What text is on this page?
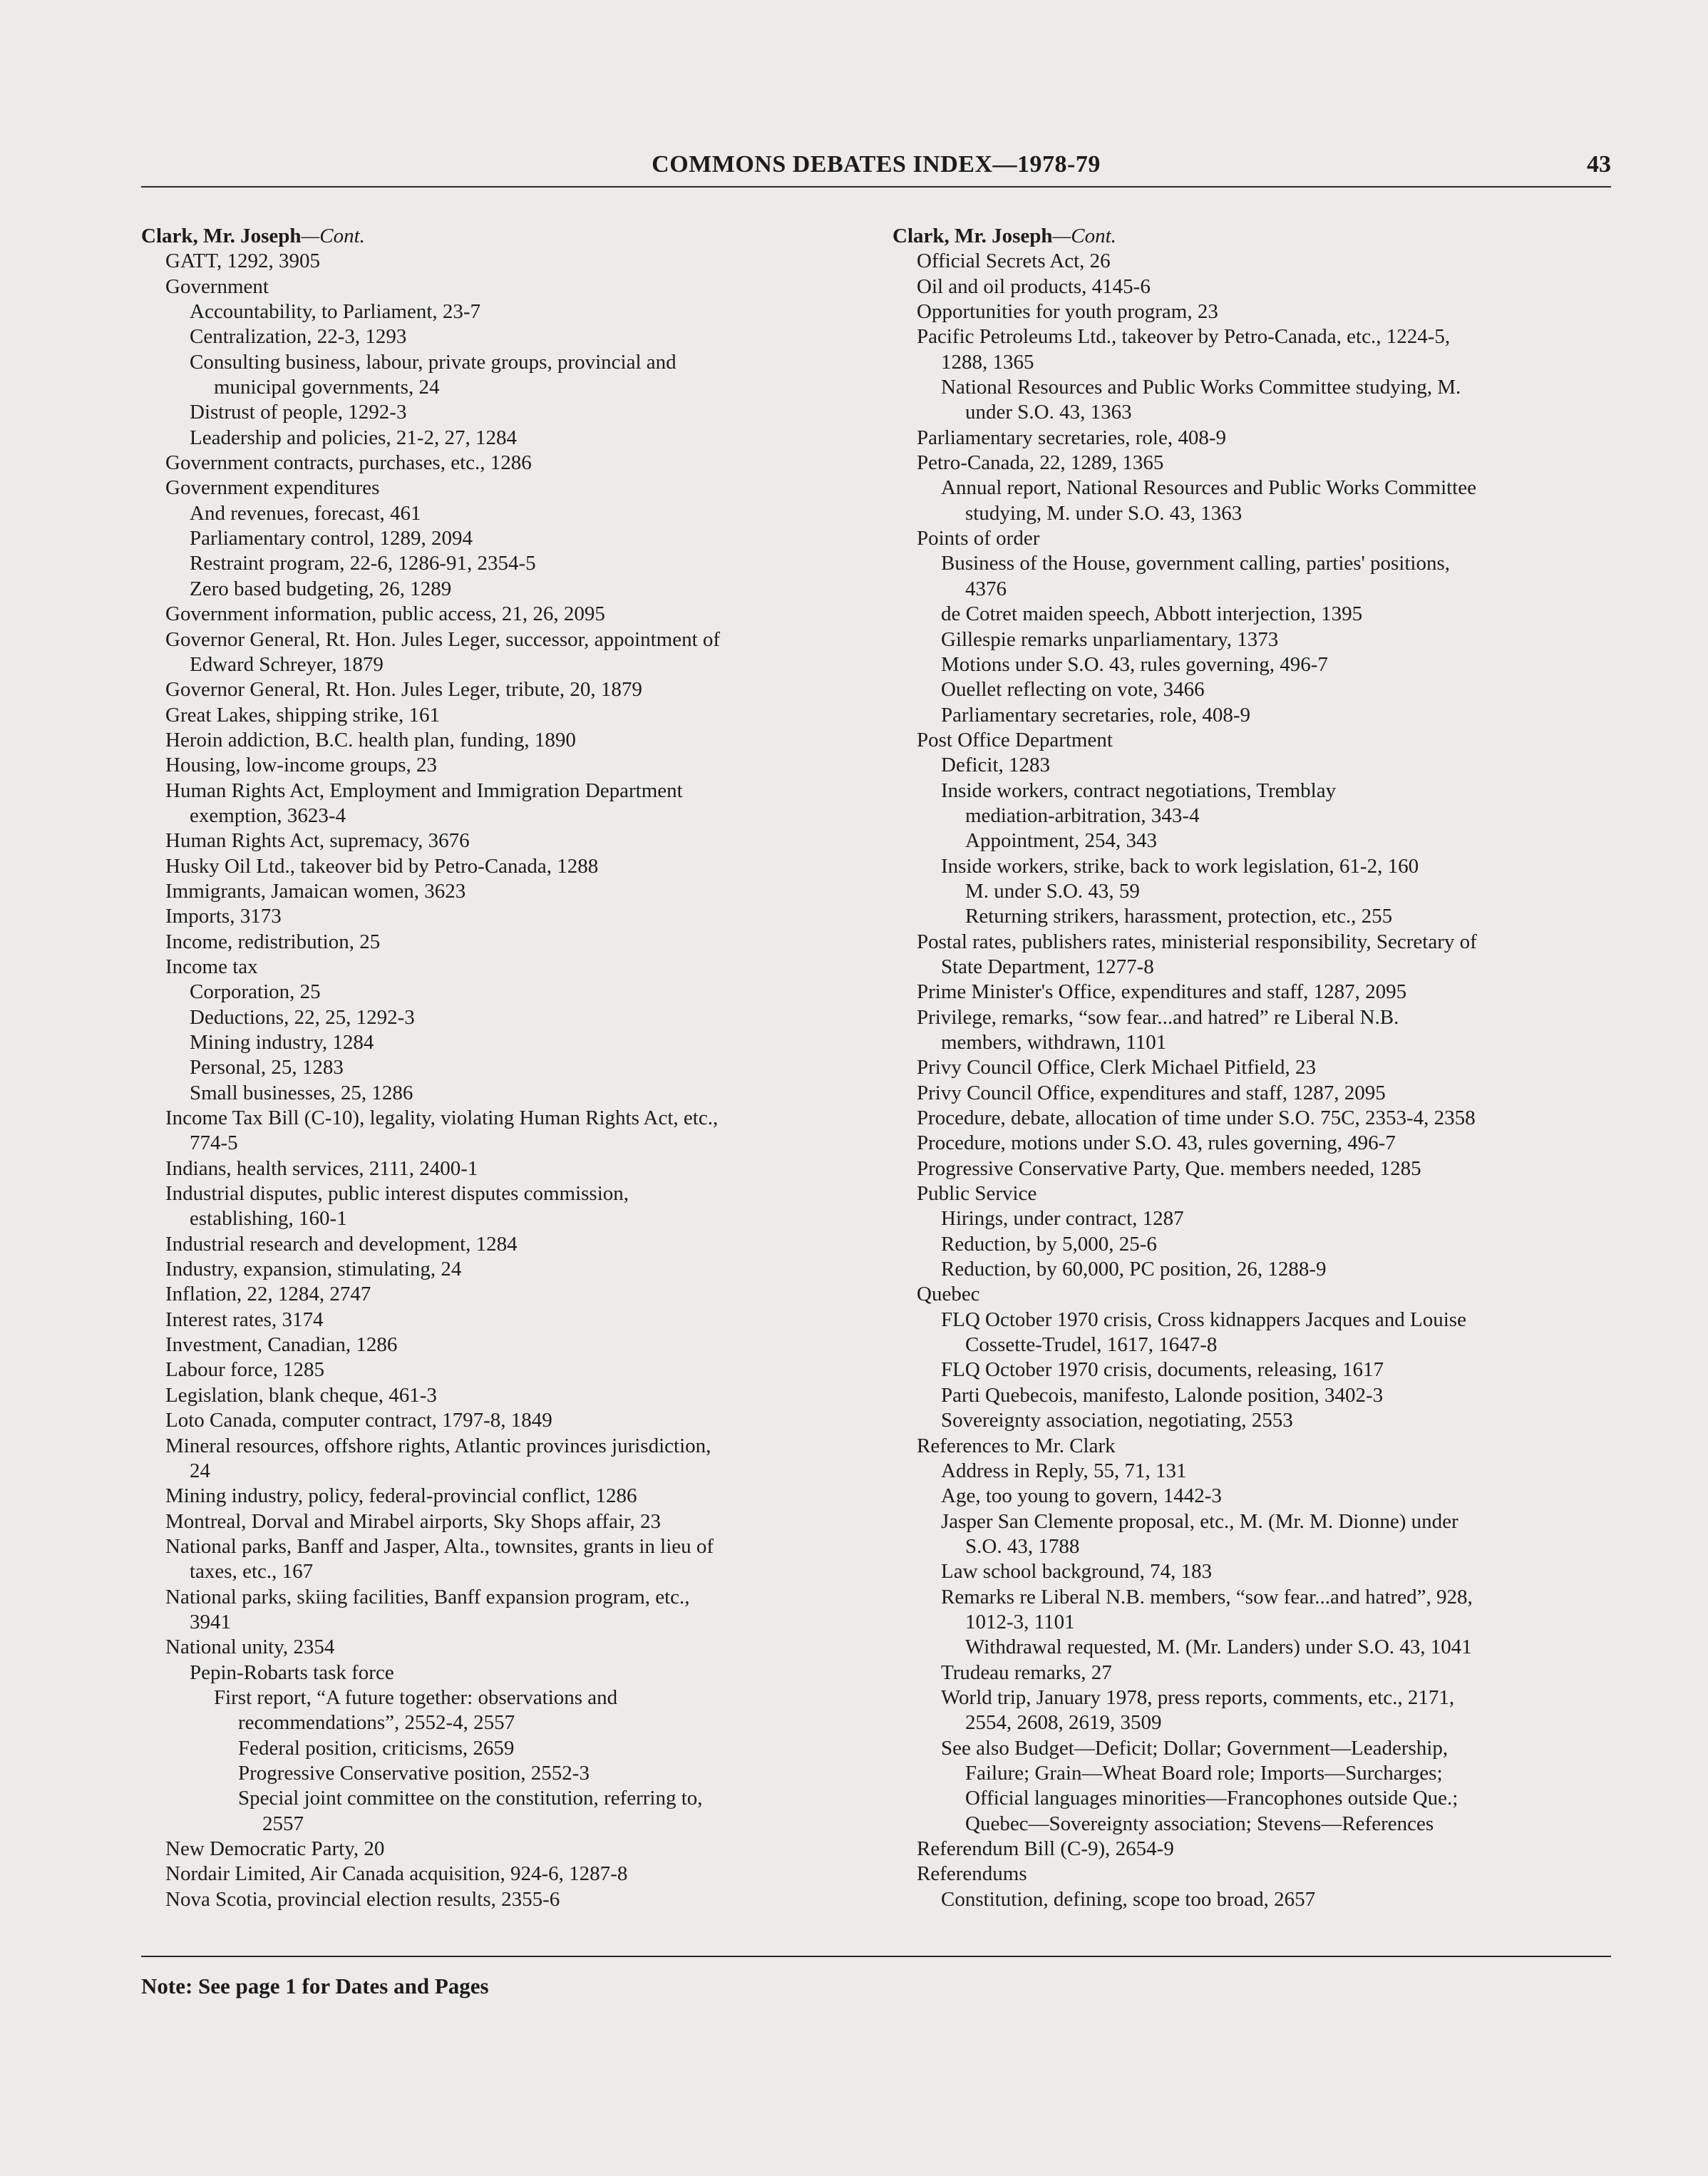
COMMONS DEBATES INDEX—1978-79	43
Clark, Mr. Joseph—Cont.
GATT, 1292, 3905
Government
Accountability, to Parliament, 23-7
Centralization, 22-3, 1293
Consulting business, labour, private groups, provincial and
municipal governments, 24
Distrust of people, 1292-3
Leadership and policies, 21-2, 27, 1284
Government contracts, purchases, etc., 1286
Government expenditures
And revenues, forecast, 461
Parliamentary control, 1289, 2094
Restraint program, 22-6, 1286-91, 2354-5
Zero based budgeting, 26, 1289
Government information, public access, 21, 26, 2095
Governor General, Rt. Hon. Jules Leger, successor, appointment of
Edward Schreyer, 1879
Governor General, Rt. Hon. Jules Leger, tribute, 20, 1879
Great Lakes, shipping strike, 161
Heroin addiction, B.C. health plan, funding, 1890
Housing, low-income groups, 23
Human Rights Act, Employment and Immigration Department
exemption, 3623-4
Human Rights Act, supremacy, 3676
Husky Oil Ltd., takeover bid by Petro-Canada, 1288
Immigrants, Jamaican women, 3623
Imports, 3173
Income, redistribution, 25
Income tax
Corporation, 25
Deductions, 22, 25, 1292-3
Mining industry, 1284
Personal, 25, 1283
Small businesses, 25, 1286
Income Tax Bill (C-10), legality, violating Human Rights Act, etc.,
774-5
Indians, health services, 2111, 2400-1
Industrial disputes, public interest disputes commission,
establishing, 160-1
Industrial research and development, 1284
Industry, expansion, stimulating, 24
Inflation, 22, 1284, 2747
Interest rates, 3174
Investment, Canadian, 1286
Labour force, 1285
Legislation, blank cheque, 461-3
Loto Canada, computer contract, 1797-8, 1849
Mineral resources, offshore rights, Atlantic provinces jurisdiction,
24
Mining industry, policy, federal-provincial conflict, 1286
Montreal, Dorval and Mirabel airports, Sky Shops affair, 23
National parks, Banff and Jasper, Alta., townsites, grants in lieu of
taxes, etc., 167
National parks, skiing facilities, Banff expansion program, etc.,
3941
National unity, 2354
Pepin-Robarts task force
First report, “A future together: observations and
recommendations”, 2552-4, 2557
Federal position, criticisms, 2659
Progressive Conservative position, 2552-3
Special joint committee on the constitution, referring to,
2557
New Democratic Party, 20
Nordair Limited, Air Canada acquisition, 924-6, 1287-8
Nova Scotia, provincial election results, 2355-6
Clark, Mr. Joseph—Cont.
Official Secrets Act, 26
Oil and oil products, 4145-6
Opportunities for youth program, 23
Pacific Petroleums Ltd., takeover by Petro-Canada, etc., 1224-5,
1288, 1365
National Resources and Public Works Committee studying, M.
under S.O. 43, 1363
Parliamentary secretaries, role, 408-9
Petro-Canada, 22, 1289, 1365
Annual report, National Resources and Public Works Committee
studying, M. under S.O. 43, 1363
Points of order
Business of the House, government calling, parties' positions,
4376
de Cotret maiden speech, Abbott interjection, 1395
Gillespie remarks unparliamentary, 1373
Motions under S.O. 43, rules governing, 496-7
Ouellet reflecting on vote, 3466
Parliamentary secretaries, role, 408-9
Post Office Department
Deficit, 1283
Inside workers, contract negotiations, Tremblay
mediation-arbitration, 343-4
Appointment, 254, 343
Inside workers, strike, back to work legislation, 61-2, 160
M. under S.O. 43, 59
Returning strikers, harassment, protection, etc., 255
Postal rates, publishers rates, ministerial responsibility, Secretary of
State Department, 1277-8
Prime Minister's Office, expenditures and staff, 1287, 2095
Privilege, remarks, “sow fear...and hatred” re Liberal N.B.
members, withdrawn, 1101
Privy Council Office, Clerk Michael Pitfield, 23
Privy Council Office, expenditures and staff, 1287, 2095
Procedure, debate, allocation of time under S.O. 75C, 2353-4, 2358
Procedure, motions under S.O. 43, rules governing, 496-7
Progressive Conservative Party, Que. members needed, 1285
Public Service
Hirings, under contract, 1287
Reduction, by 5,000, 25-6
Reduction, by 60,000, PC position, 26, 1288-9
Quebec
FLQ October 1970 crisis, Cross kidnappers Jacques and Louise
Cossette-Trudel, 1617, 1647-8
FLQ October 1970 crisis, documents, releasing, 1617
Parti Quebecois, manifesto, Lalonde position, 3402-3
Sovereignty association, negotiating, 2553
References to Mr. Clark
Address in Reply, 55, 71, 131
Age, too young to govern, 1442-3
Jasper San Clemente proposal, etc., M. (Mr. M. Dionne) under
S.O. 43, 1788
Law school background, 74, 183
Remarks re Liberal N.B. members, “sow fear...and hatred”, 928,
1012-3, 1101
Withdrawal requested, M. (Mr. Landers) under S.O. 43, 1041
Trudeau remarks, 27
World trip, January 1978, press reports, comments, etc., 2171,
2554, 2608, 2619, 3509
See also Budget—Deficit; Dollar; Government—Leadership,
Failure; Grain—Wheat Board role; Imports—Surcharges;
Official languages minorities—Francophones outside Que.;
Quebec—Sovereignty association; Stevens—References
Referendum Bill (C-9), 2654-9
Referendums
Constitution, defining, scope too broad, 2657
Note: See page 1 for Dates and Pages
